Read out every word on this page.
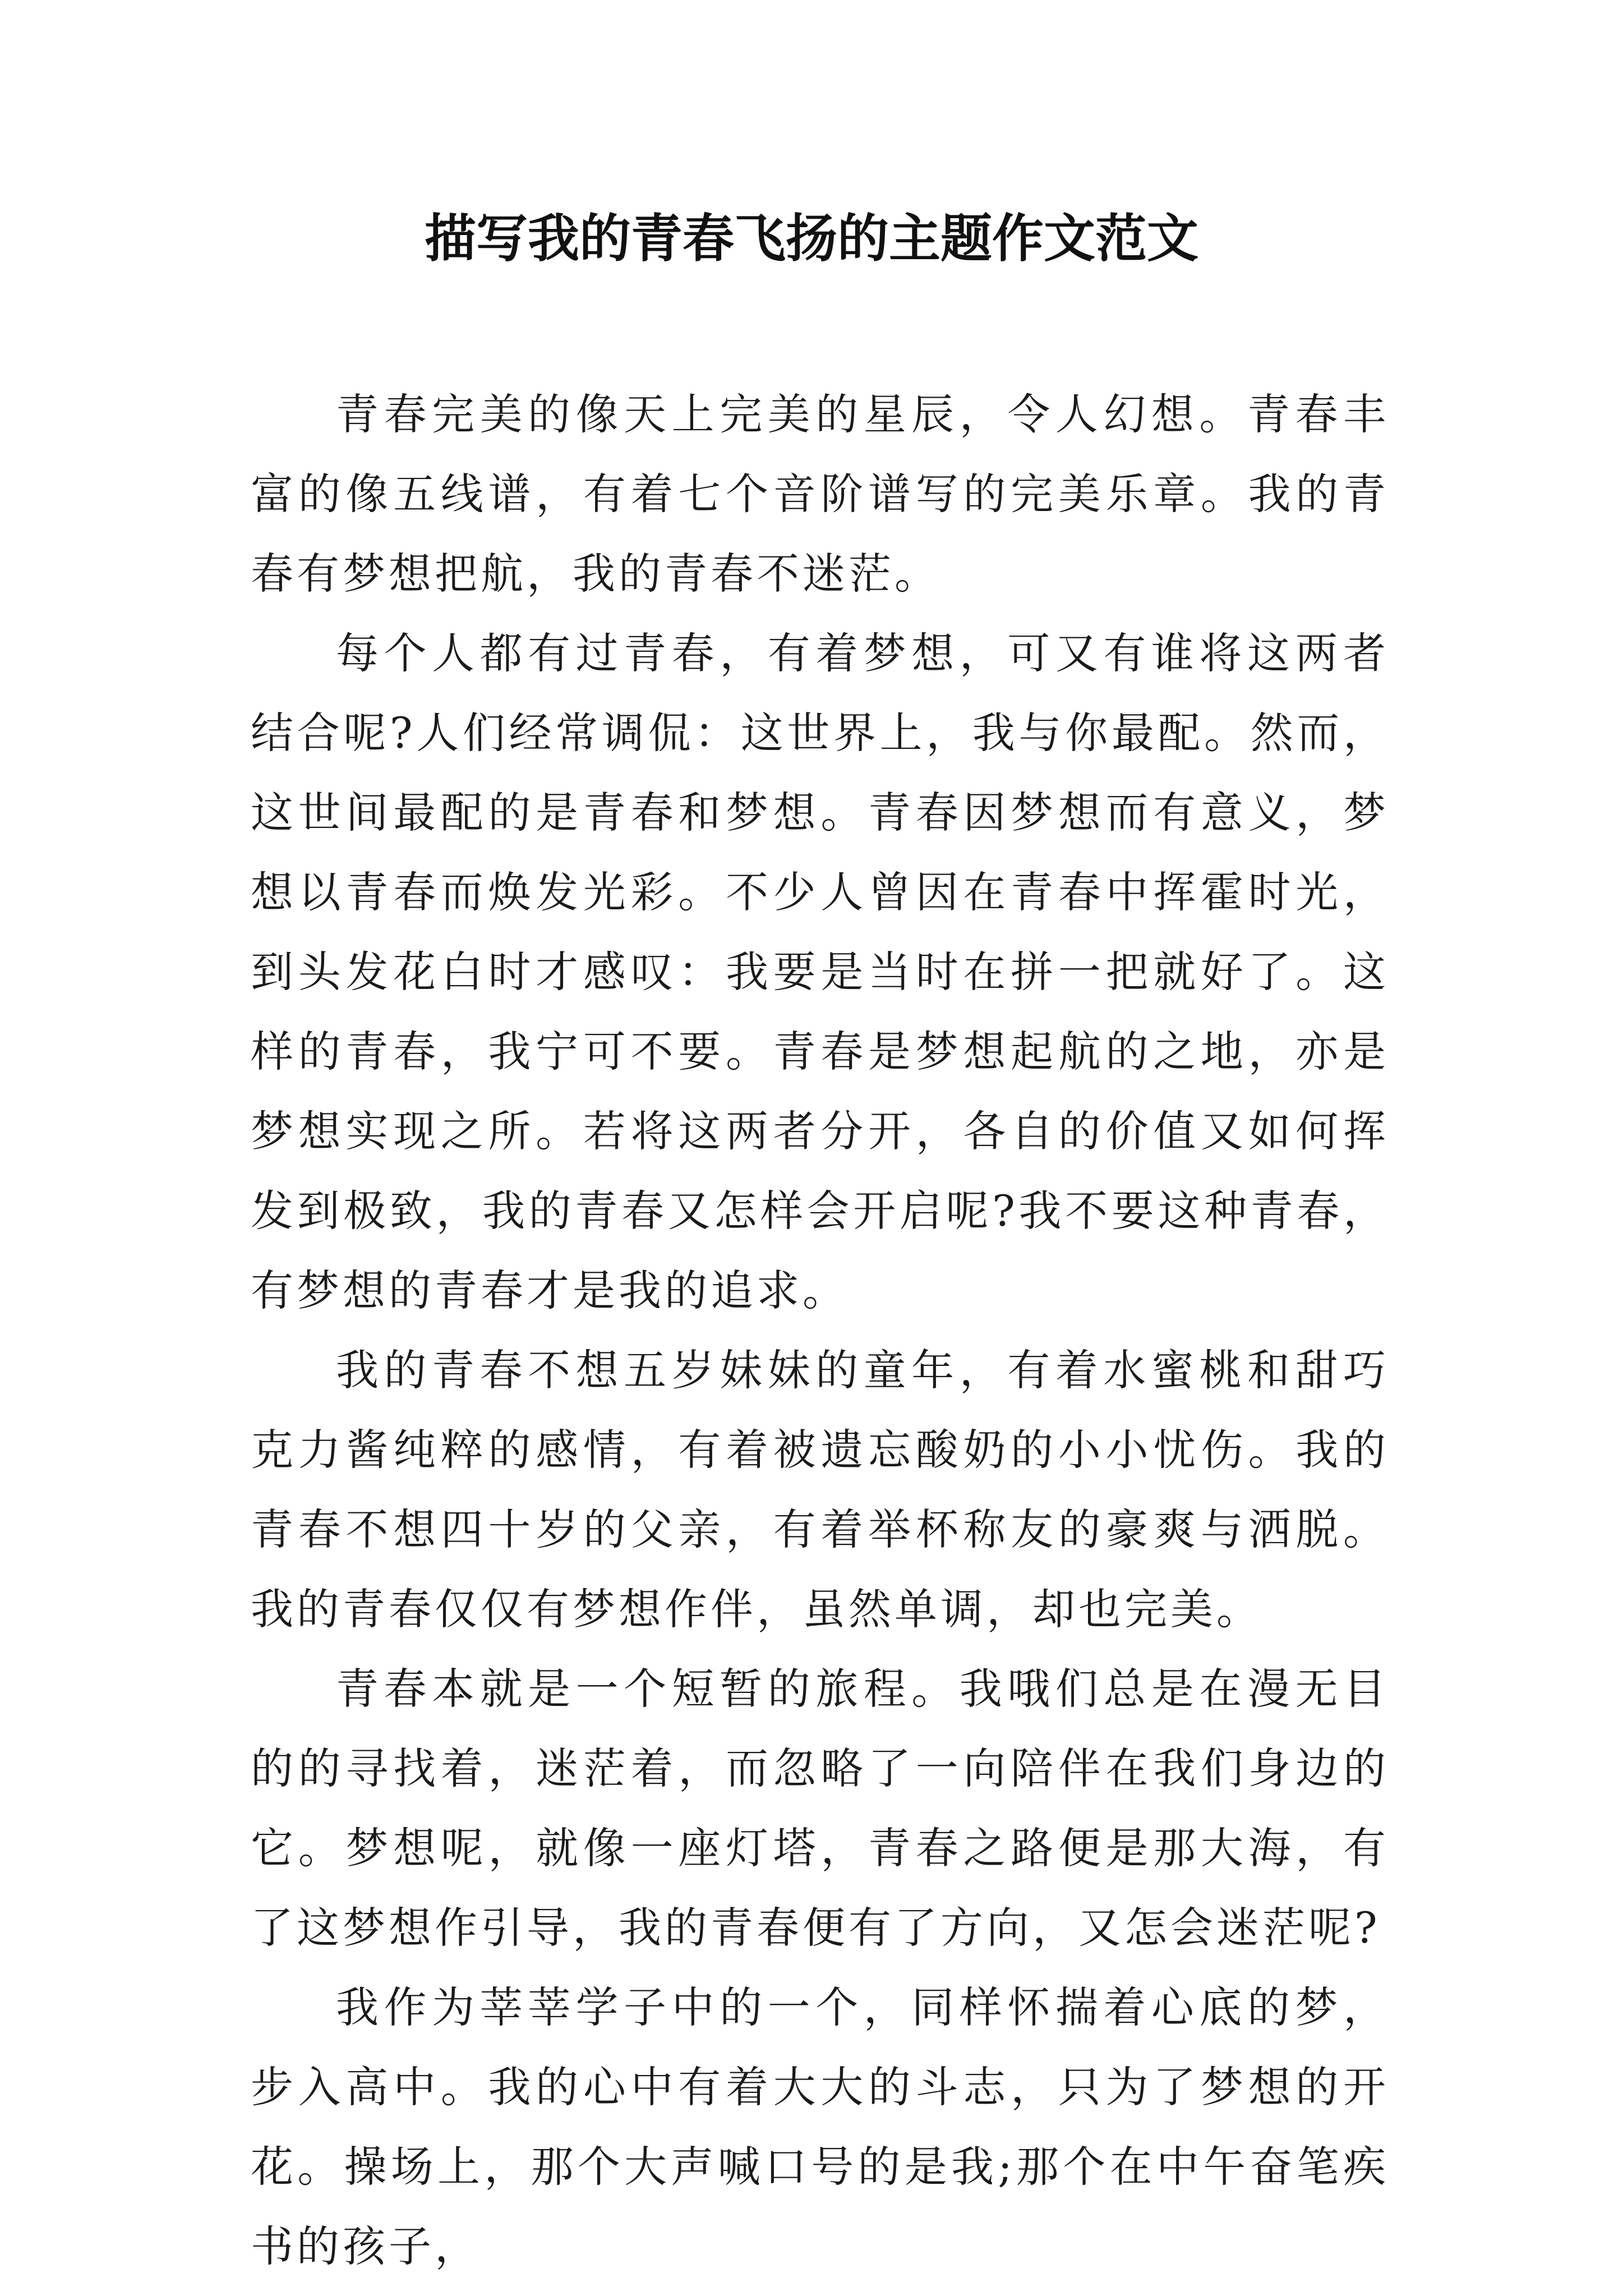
描写我的青春飞扬的主题作文范文

青春完美的像天上完美的星辰，令人幻想。青春丰富的像五线谱，有着七个音阶谱写的完美乐章。我的青春有梦想把航，我的青春不迷茫。

每个人都有过青春，有着梦想，可又有谁将这两者结合呢?人们经常调侃：这世界上，我与你最配。然而，这世间最配的是青春和梦想。青春因梦想而有意义，梦想以青春而焕发光彩。不少人曾因在青春中挥霍时光，到头发花白时才感叹：我要是当时在拼一把就好了。这样的青春，我宁可不要。青春是梦想起航的之地，亦是梦想实现之所。若将这两者分开，各自的价值又如何挥发到极致，我的青春又怎样会开启呢?我不要这种青春，有梦想的青春才是我的追求。

我的青春不想五岁妹妹的童年，有着水蜜桃和甜巧克力酱纯粹的感情，有着被遗忘酸奶的小小忧伤。我的青春不想四十岁的父亲，有着举杯称友的豪爽与洒脱。我的青春仅仅有梦想作伴，虽然单调，却也完美。

青春本就是一个短暂的旅程。我哦们总是在漫无目的的寻找着，迷茫着，而忽略了一向陪伴在我们身边的它。梦想呢，就像一座灯塔，青春之路便是那大海，有了这梦想作引导，我的青春便有了方向，又怎会迷茫呢?

我作为莘莘学子中的一个，同样怀揣着心底的梦，步入高中。我的心中有着大大的斗志，只为了梦想的开花。操场上，那个大声喊口号的是我;那个在中午奋笔疾书的孩子，
